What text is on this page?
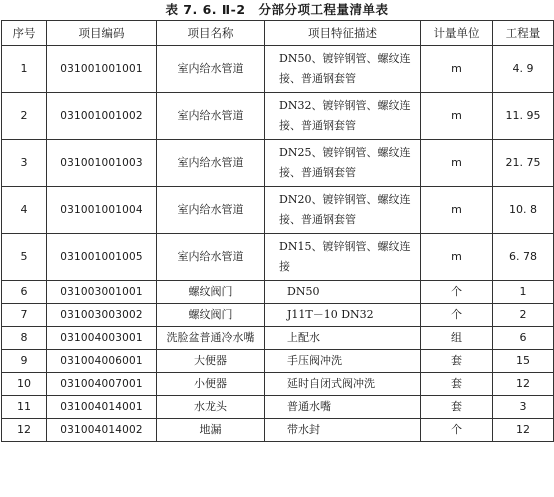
表 7. 6. Ⅱ-2　分部分项工程量清单表
序号	项目编码	项目名称	项目特征描述	计量单位	工程量
1	031001001001	室内给水管道	DN50、镀锌钢管、螺纹连接、普通钢套管	m	4. 9
2	031001001002	室内给水管道	DN32、镀锌钢管、螺纹连接、普通钢套管	m	11. 95
3	031001001003	室内给水管道	DN25、镀锌钢管、螺纹连接、普通钢套管	m	21. 75
4	031001001004	室内给水管道	DN20、镀锌钢管、螺纹连接、普通钢套管	m	10. 8
5	031001001005	室内给水管道	DN15、镀锌钢管、螺纹连接	m	6. 78
6	031003001001	螺纹阀门	DN50	个	1
7	031003003002	螺纹阀门	J11T－10 DN32	个	2
8	031004003001	洗脸盆普通冷水嘴	上配水	组	6
9	031004006001	大便器	手压阀冲洗	套	15
10	031004007001	小便器	延时自闭式阀冲洗	套	12
11	031004014001	水龙头	普通水嘴	套	3
12	031004014002	地漏	带水封	个	12
